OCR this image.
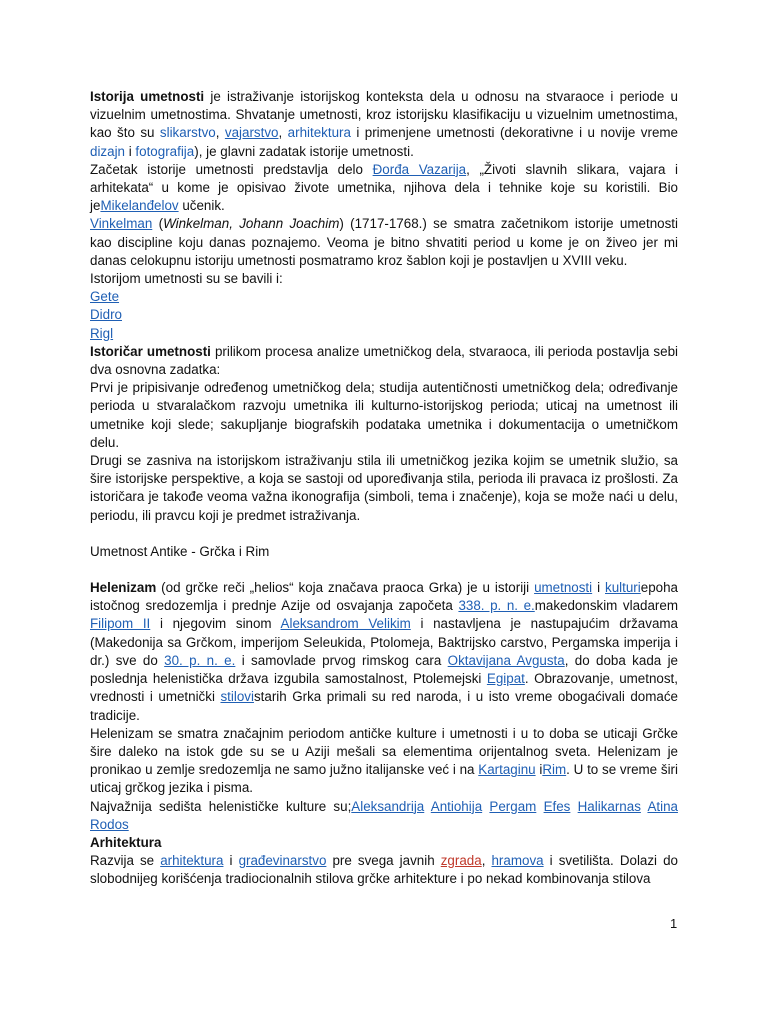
Istorija umetnosti je istraživanje istorijskog konteksta dela u odnosu na stvaraoce i periode u vizuelnim umetnostima. Shvatanje umetnosti, kroz istorijsku klasifikaciju u vizuelnim umetnostima, kao što su slikarstvo, vajarstvo, arhitektura i primenjene umetnosti (dekorativne i u novije vreme dizajn i fotografija), je glavni zadatak istorije umetnosti.

Začetak istorije umetnosti predstavlja delo Đorđa Vazarija, „Životi slavnih slikara, vajara i arhitekata“ u kome je opisivao živote umetnika, njihova dela i tehnike koje su koristili. Bio jeMikelanđelov učenik.

Vinkelman (Winkelman, Johann Joachim) (1717-1768.) se smatra začetnikom istorije umetnosti kao discipline koju danas poznajemo. Veoma je bitno shvatiti period u kome je on živeo jer mi danas celokupnu istoriju umetnosti posmatramo kroz šablon koji je postavljen u XVIII veku.

Istorijom umetnosti su se bavili i:

Gete

Didro

Rigl

Istoričar umetnosti prilikom procesa analize umetničkog dela, stvaraoca, ili perioda postavlja sebi dva osnovna zadatka:

Prvi je pripisivanje određenog umetničkog dela; studija autentičnosti umetničkog dela; određivanje perioda u stvaralačkom razvoju umetnika ili kulturno-istorijskog perioda; uticaj na umetnost ili umetnike koji slede; sakupljanje biografskih podataka umetnika i dokumentacija o umetničkom delu.

Drugi se zasniva na istorijskom istraživanju stila ili umetničkog jezika kojim se umetnik služio, sa šire istorijske perspektive, a koja se sastoji od upoređivanja stila, perioda ili pravaca iz prošlosti. Za istoričara je takođe veoma važna ikonografija (simboli, tema i značenje), koja se može naći u delu, periodu, ili pravcu koji je predmet istraživanja.

Umetnost Antike - Grčka i Rim

Helenizam (od grčke reči „helios“ koja značava praoca Grka) je u istoriji umetnosti i kulturiepoha istočnog sredozemlja i prednje Azije od osvajanja započeta 338. p. n. e.makedonskim vladarem Filipom II i njegovim sinom Aleksandrom Velikim i nastavljena je nastupajućim državama (Makedonija sa Grčkom, imperijom Seleukida, Ptolomeja, Baktrijsko carstvo, Pergamska imperija i dr.) sve do 30. p. n. e. i samovlade prvog rimskog cara Oktavijana Avgusta, do doba kada je poslednja helenistička država izgubila samostalnost, Ptolemejski Egipat. Obrazovanje, umetnost, vrednosti i umetnički stilovistarih Grka primali su red naroda, i u isto vreme obogaćivali domaće tradicije.

Helenizam se smatra značajnim periodom antičke kulture i umetnosti i u to doba se uticaji Grčke šire daleko na istok gde su se u Aziji mešali sa elementima orijentalnog sveta. Helenizam je pronikao u zemlje sredozemlja ne samo južno italijanske već i na Kartaginu iRim. U to se vreme širi uticaj grčkog jezika i pisma.

Najvažnija sedišta helenističke kulture su;Aleksandrija Antiohija Pergam Efes Halikarnas Atina Rodos

Arhitektura

Razvija se arhitektura i građevinarstvo pre svega javnih zgrada, hramova i svetilišta. Dolazi do slobodnijeg korišćenja tradiocionalnih stilova grčke arhitekture i po nekad kombinovanja stilova

1
